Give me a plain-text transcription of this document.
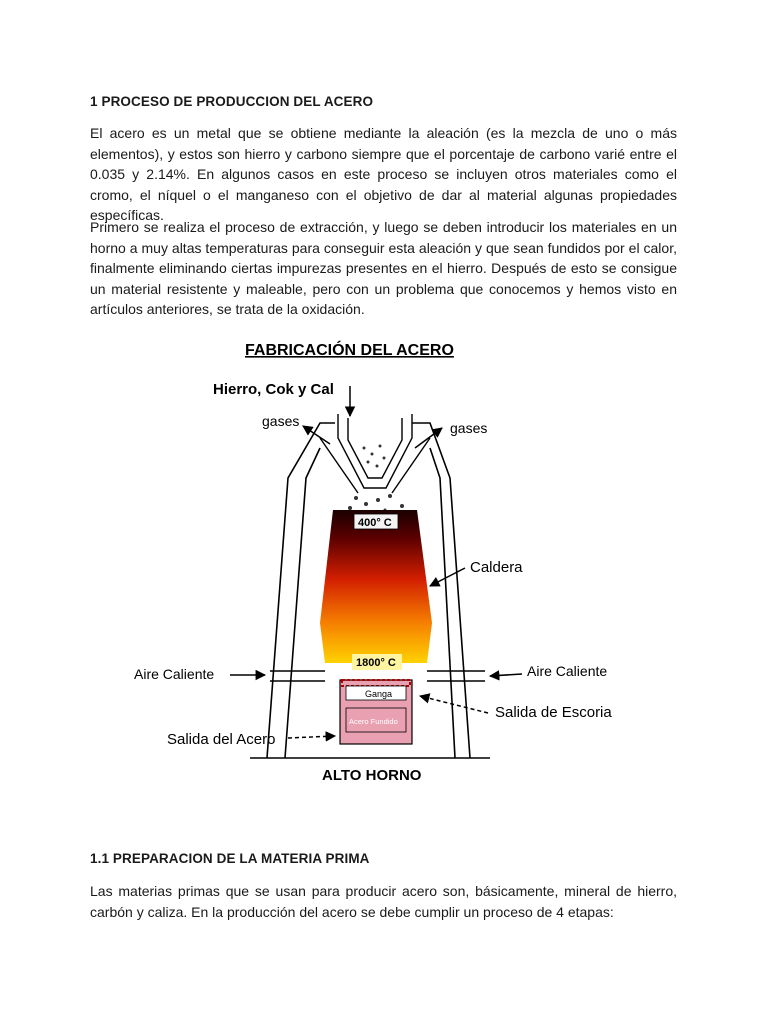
1 PROCESO DE PRODUCCION DEL ACERO
El acero es un metal que se obtiene mediante la aleación (es la mezcla de uno o más elementos), y estos son hierro y carbono siempre que el porcentaje de carbono varié entre el 0.035 y 2.14%. En algunos casos en este proceso se incluyen otros materiales como el cromo, el níquel o el manganeso con el objetivo de dar al material algunas propiedades específicas.
Primero se realiza el proceso de extracción, y luego se deben introducir los materiales en un horno a muy altas temperaturas para conseguir esta aleación y que sean fundidos por el calor, finalmente eliminando ciertas impurezas presentes en el hierro. Después de esto se consigue un material resistente y maleable, pero con un problema que conocemos y hemos visto en artículos anteriores, se trata de la oxidación.
FABRICACIÓN DEL ACERO
Hierro, Cok y Cal
gases	gases
400° C
1800° C
Caldera
Aire Caliente	Aire Caliente
Ganga
Acero Fundido
Salida de Escoria
Salida del Acero
ALTO HORNO
1.1 PREPARACION DE LA MATERIA PRIMA
Las materias primas que se usan para producir acero son, básicamente, mineral de hierro, carbón y caliza. En la producción del acero se debe cumplir un proceso de 4 etapas:
